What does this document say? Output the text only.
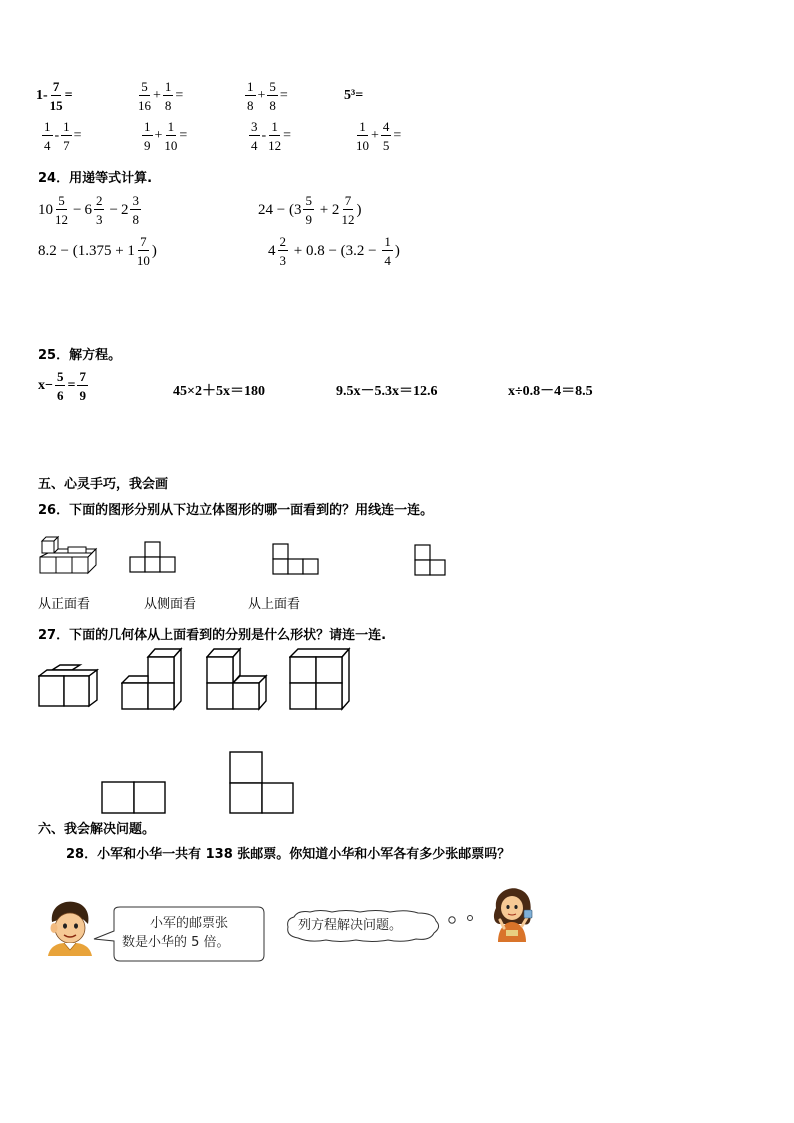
$1 - \frac{7}{15}$ =	$\frac{5}{16} + \frac{1}{8}$ =	$\frac{1}{8} + \frac{5}{8}$ =	5³=
$\frac{1}{4} - \frac{1}{7}$ =	$\frac{1}{9} + \frac{1}{10}$ =	$\frac{3}{4} - \frac{1}{12}$ =	$\frac{1}{10} + \frac{4}{5}$ =
24．用递等式计算.
$10 \frac{5}{12} - 6 \frac{2}{3} - 2 \frac{3}{8}$	$24 - (3 \frac{5}{9} + 2 \frac{7}{12}$ )
$8.2 - (1.375 + 1 \frac{7}{10}$ )	$4 \frac{2}{3} + 0.8 - (3.2 - \frac{1}{4}$ )
25．解方程。
$x- \frac{5}{6} = \frac{7}{9}$	45×2＋5x＝180	9.5x－5.3x＝12.6	x÷0.8－4＝8.5
五、心灵手巧，我会画
26．下面的图形分别从下边立体图形的哪一面看到的？用线连一连。
从正面看	从侧面看	从上面看
27．下面的几何体从上面看到的分别是什么形状？请连一连.
六、我会解决问题。
28．小军和小华一共有 138 张邮票。你知道小华和小军各有多少张邮票吗？
小军的邮票张
数是小华的 5 倍。
列方程解决问题。
